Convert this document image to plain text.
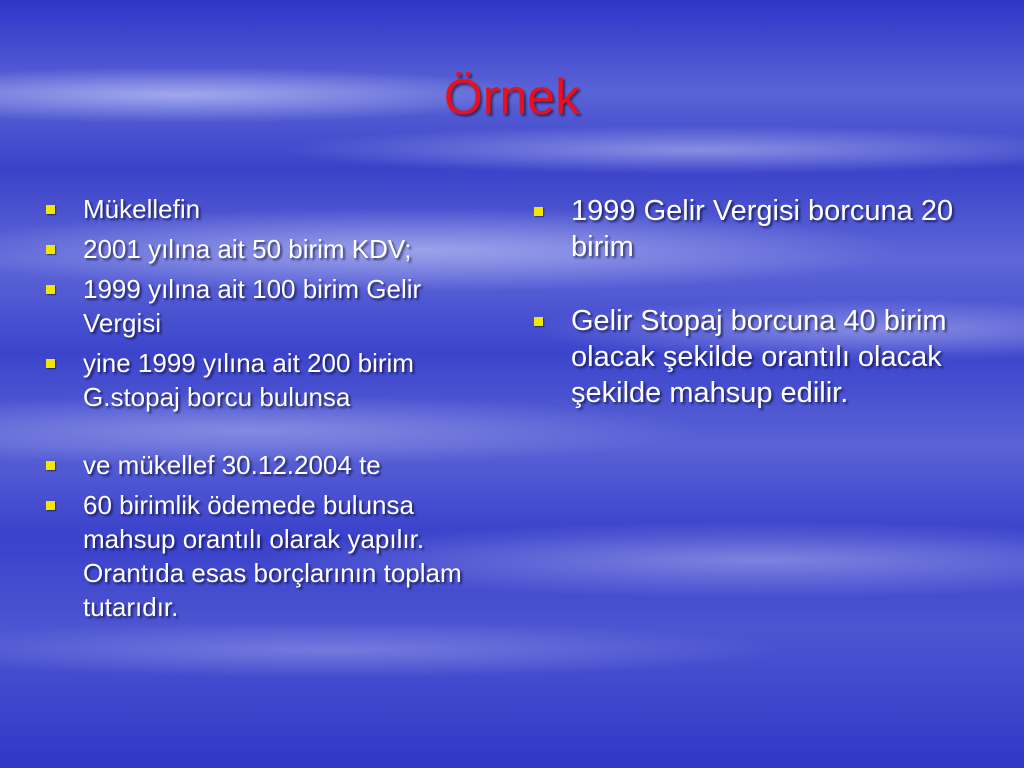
Örnek
Mükellefin
2001 yılına ait 50 birim KDV;
1999 yılına ait 100 birim Gelir Vergisi
yine 1999 yılına ait 200 birim G.stopaj borcu bulunsa
ve mükellef 30.12.2004 te
60 birimlik ödemede bulunsa mahsup orantılı olarak yapılır. Orantıda esas borçlarının toplam tutarıdır.
1999 Gelir Vergisi borcuna 20 birim
Gelir Stopaj borcuna 40 birim olacak şekilde orantılı olacak şekilde mahsup edilir.
